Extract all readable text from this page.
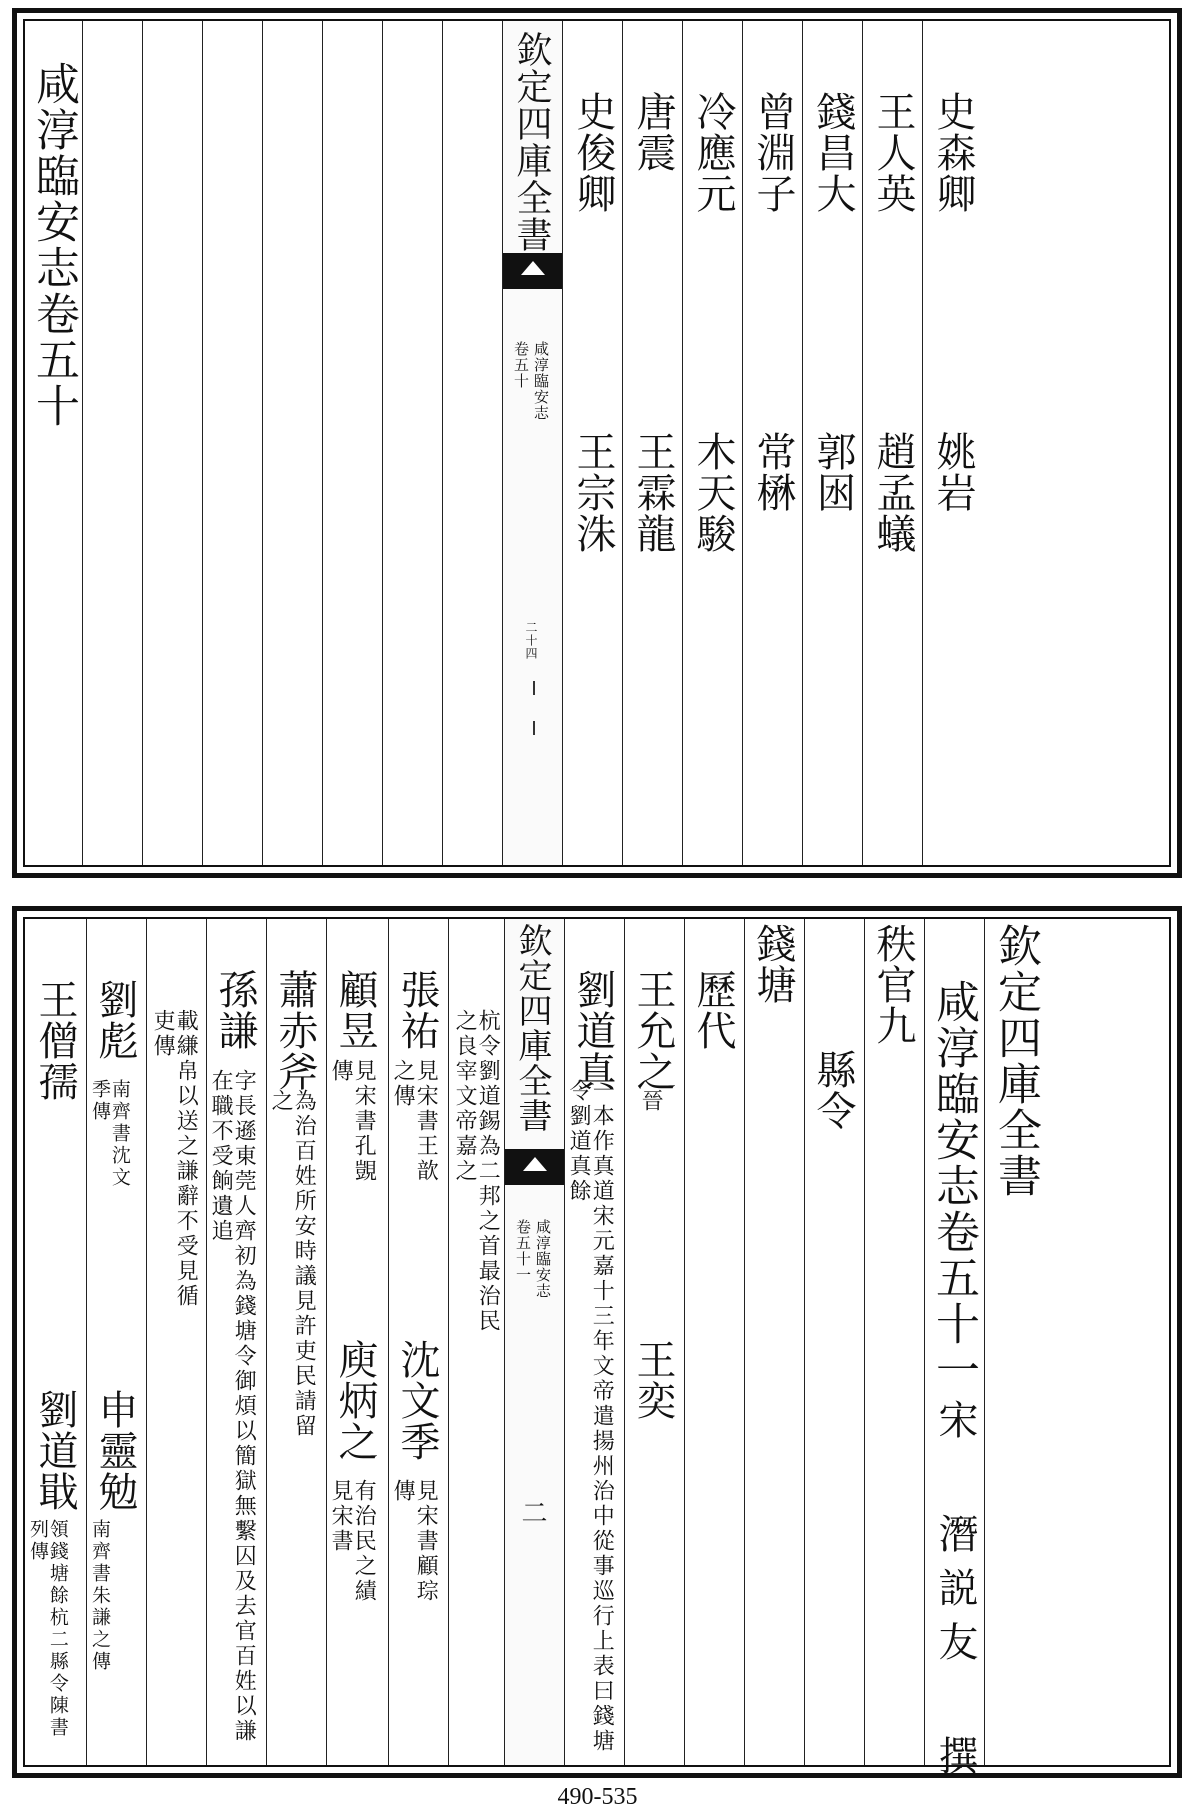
咸淳臨安志卷五十	欽定四庫全書
咸淳臨安志
卷五十
二十四
史俊卿
王宗洙
唐震
王霖龍
冷應元
木天駿
曾淵子
常楙
錢昌大
郭囦
王人英
趙孟蟻
史森卿
姚岩
王僧孺
劉道戢
領錢塘餘杭二縣令陳書列傳
劉彪
南齊書沈文季傳
申靈勉
南齊書朱謙之傳
載縑帛以送之謙辭不受見循吏傳 孫謙
字長遜東莞人齊初為錢塘令御煩以簡獄無繫囚及去官百姓以謙在職不受餉遺追
蕭赤斧
為治百姓所安時議見許吏民請留之
顧昱
見宋書孔覬傳
庾炳之
有治民之績見宋書
張祐
見宋書王歆之傳
沈文季
見宋書顧琮傳
杭令劉道錫為二邦之首最治民之良宰文帝嘉之	欽定四庫全書
咸淳臨安志
卷五十一
二
劉道真
一本作真道宋元嘉十三年文帝遣揚州治中從事巡行上表曰錢塘令劉道真餘
王允之
晉
王奕
歷代
錢塘
縣令
秩官九 咸淳臨安志卷五十一
宋 潛説友 撰
欽定四庫全書
490-535
